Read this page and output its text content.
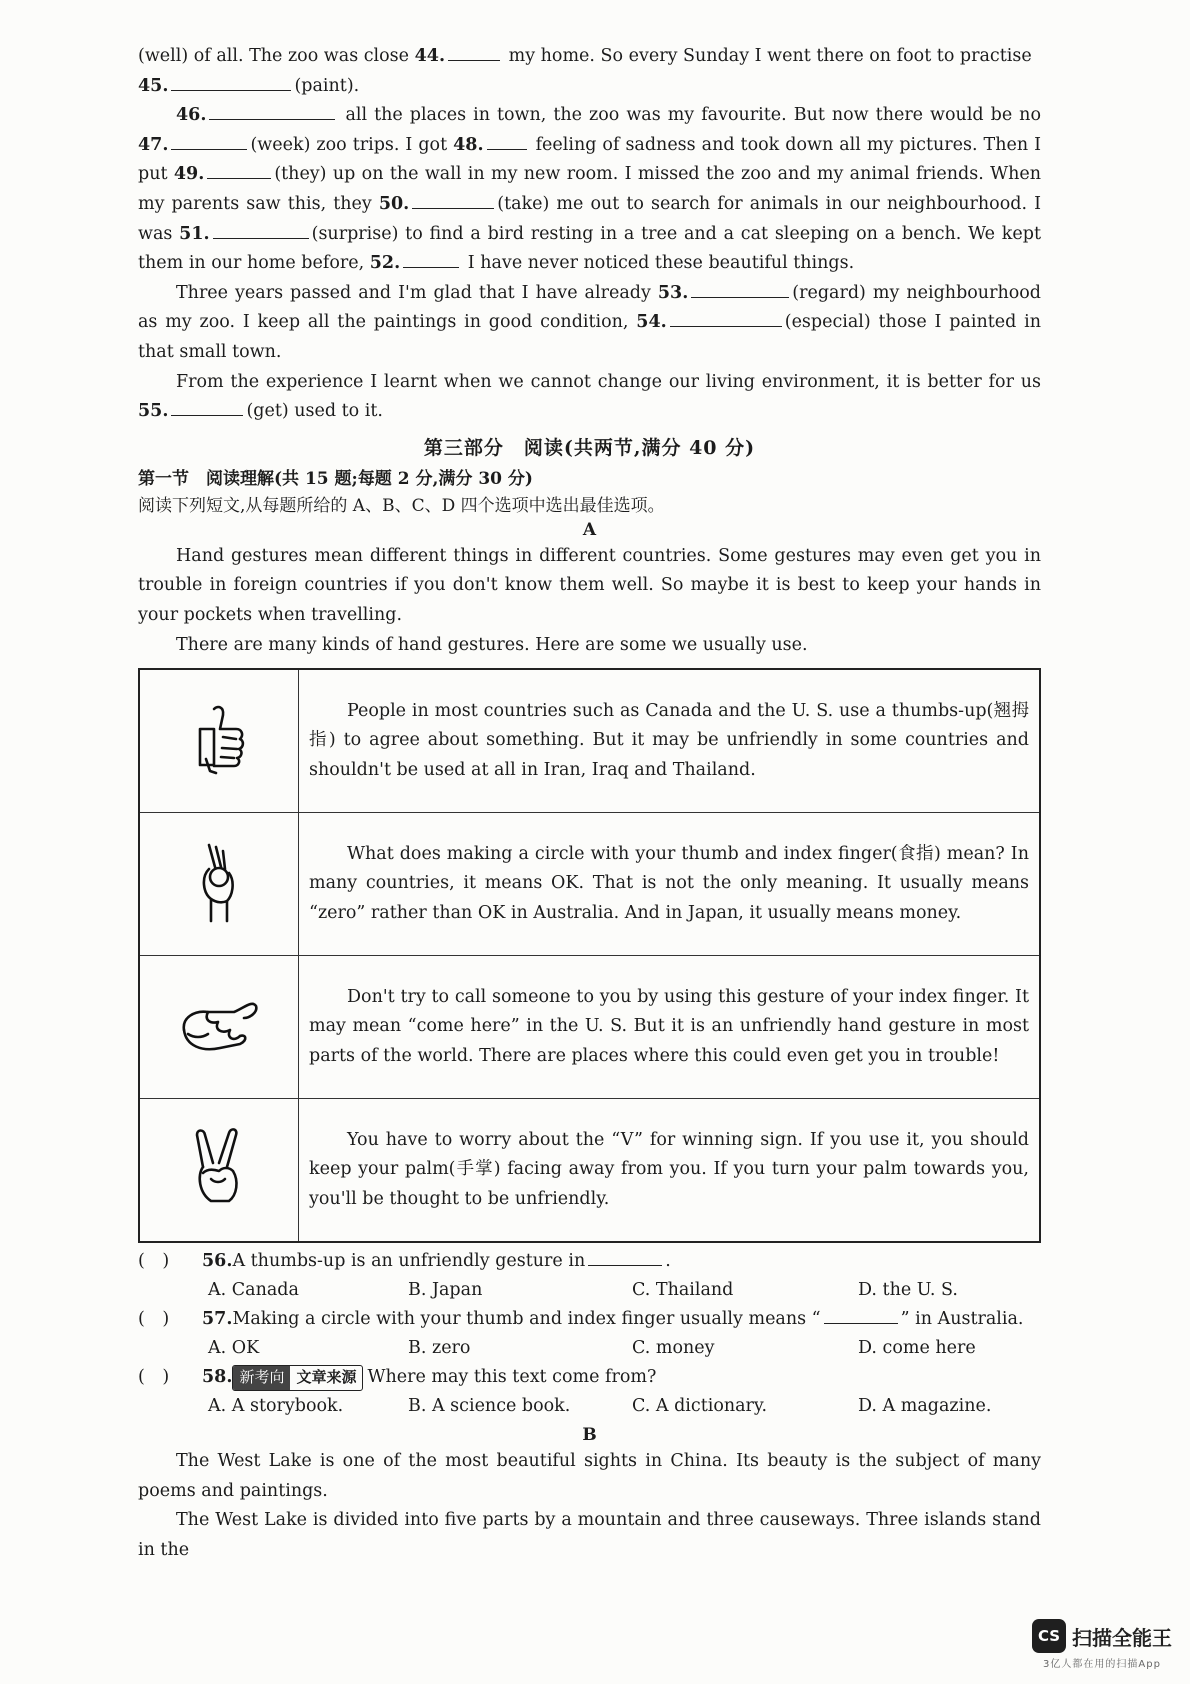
(well) of all. The zoo was close 44.	my home. So every Sunday I went there on foot to practise
45.	(paint).

46.	all the places in town, the zoo was my favourite. But now there would be no 47.	(week) zoo trips. I got 48.	feeling of sadness and took down all my pictures. Then I put 49.	(they) up on the wall in my new room. I missed the zoo and my animal friends. When my parents saw this, they 50.	(take) me out to search for animals in our neighbourhood. I was 51.	(surprise) to find a bird resting in a tree and a cat sleeping on a bench. We kept them in our home before, 52.	I have never noticed these beautiful things.

Three years passed and I'm glad that I have already 53.	(regard) my neighbourhood as my zoo. I keep all the paintings in good condition, 54.	(especial) those I painted in that small town.

From the experience I learnt when we cannot change our living environment, it is better for us 55.	(get) used to it.

第三部分　阅读(共两节,满分 40 分)
第一节　阅读理解(共 15 题;每题 2 分,满分 30 分)
阅读下列短文,从每题所给的 A、B、C、D 四个选项中选出最佳选项。
A

Hand gestures mean different things in different countries. Some gestures may even get you in trouble in foreign countries if you don't know them well. So maybe it is best to keep your hands in your pockets when travelling.

There are many kinds of hand gestures. Here are some we usually use.

	People in most countries such as Canada and the U. S. use a thumbs-up(翘拇指) to agree about something. But it may be unfriendly in some countries and shouldn't be used at all in Iran, Iraq and Thailand.
	What does making a circle with your thumb and index finger(食指) mean? In many countries, it means OK. That is not the only meaning. It usually means “zero” rather than OK in Australia. And in Japan, it usually means money.
	Don't try to call someone to you by using this gesture of your index finger. It may mean “come here” in the U. S. But it is an unfriendly hand gesture in most parts of the world. There are places where this could even get you in trouble!
	You have to worry about the “V” for winning sign. If you use it, you should keep your palm(手掌) facing away from you. If you turn your palm towards you, you'll be thought to be unfriendly.
(　)	56. A thumbs-up is an unfriendly gesture in	.
A. Canada	B. Japan	C. Thailand	D. the U. S.
(　)	57. Making a circle with your thumb and index finger usually means “	” in Australia.
A. OK	B. zero	C. money	D. come here
(　)	58. 新考向 文章来源 Where may this text come from?
A. A storybook.	B. A science book.	C. A dictionary.	D. A magazine.
B

The West Lake is one of the most beautiful sights in China. Its beauty is the subject of many poems and paintings.

The West Lake is divided into five parts by a mountain and three causeways. Three islands stand in the

CS 扫描全能王
3亿人都在用的扫描App
